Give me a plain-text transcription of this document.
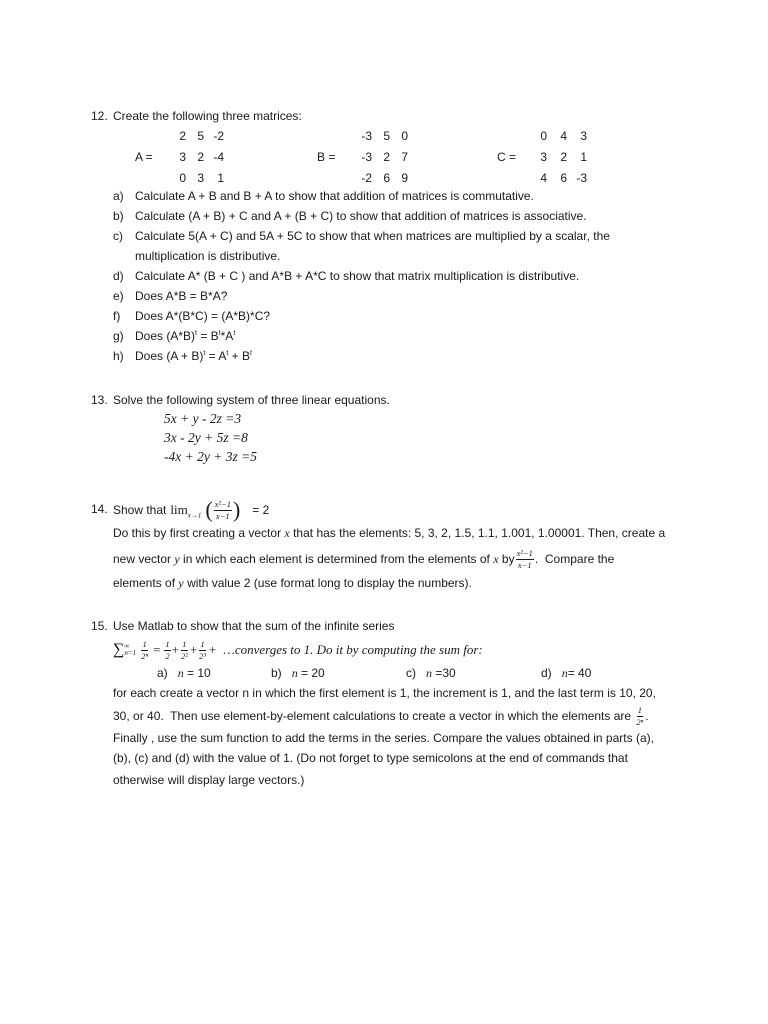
12. Create the following three matrices:
A =	B =	C =
2 5 -2
3 2 -4
0 3 1
-3 5 0
-3 2 7
-2 6 9
0 4 3
3 2 1
4 6 -3
a) Calculate A + B and B + A to show that addition of matrices is commutative.
b) Calculate (A + B) + C and A + (B + C) to show that addition of matrices is associative.
c) Calculate 5(A + C) and 5A + 5C to show that when matrices are multiplied by a scalar, the
multiplication is distributive.
d) Calculate A* (B + C ) and A*B + A*C to show that matrix multiplication is distributive.
e) Does A*B = B*A?
f) Does A*(B*C) = (A*B)*C?
g) Does $(A*B)^t = B^t*A^t$
h) Does $(A + B)^t = A^t + B^t$
13. Solve the following system of three linear equations.
5x + y - 2z =3
3x - 2y + 5z =8
-4x + 2y + 3z =5
14. Show that $\lim_{x\to 1}$ ( $\frac{\text{x²−1}}{x-1}$ ) = 2
Do this by first creating a vector x that has the elements: 5, 3, 2, 1.5, 1.1, 1.001, 1.00001. Then, create a
new vector
y
in which each element is determined from the elements of
x
by $\frac{\text{x²−1}}{x-1}$ .  Compare the
elements of y with value 2 (use format long to display the numbers).
15. Use Matlab to show that the sum of the infinite series
∑ ∞
$n=1 \frac{1}{\text{2ⁿ}} = \frac{1}{2} + \frac{1}{\text{2²}} + \frac{1}{\text{2³}}$ +  …converges to 1. Do it by computing the sum for:
a) n = 10	b) n = 20	c) n =30	d) n= 40
for each create a vector n in which the first element is 1, the increment is 1, and the last term is 10, 20,
30, or 40.  Then use element-by-element calculations to create a vector in which the elements are
$\frac{1}{\text{2ⁿ}}$ .
Finally , use the sum function to add the terms in the series. Compare the values obtained in parts (a),
(b), (c) and (d) with the value of 1. (Do not forget to type semicolons at the end of commands that
otherwise will display large vectors.)
